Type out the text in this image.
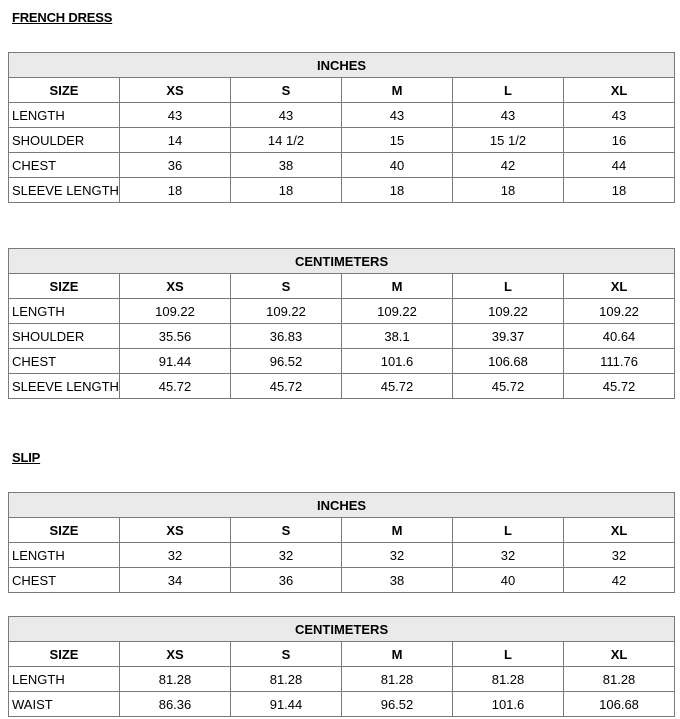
FRENCH DRESS
INCHES					
SIZE	XS	S	M	L	XL
LENGTH	43	43	43	43	43
SHOULDER	14	14 1/2	15	15 1/2	16
CHEST	36	38	40	42	44
SLEEVE LENGTH	18	18	18	18	18
CENTIMETERS					
SIZE	XS	S	M	L	XL
LENGTH	109.22	109.22	109.22	109.22	109.22
SHOULDER	35.56	36.83	38.1	39.37	40.64
CHEST	91.44	96.52	101.6	106.68	111.76
SLEEVE LENGTH	45.72	45.72	45.72	45.72	45.72
SLIP
INCHES					
SIZE	XS	S	M	L	XL
LENGTH	32	32	32	32	32
CHEST	34	36	38	40	42
CENTIMETERS					
SIZE	XS	S	M	L	XL
LENGTH	81.28	81.28	81.28	81.28	81.28
WAIST	86.36	91.44	96.52	101.6	106.68
